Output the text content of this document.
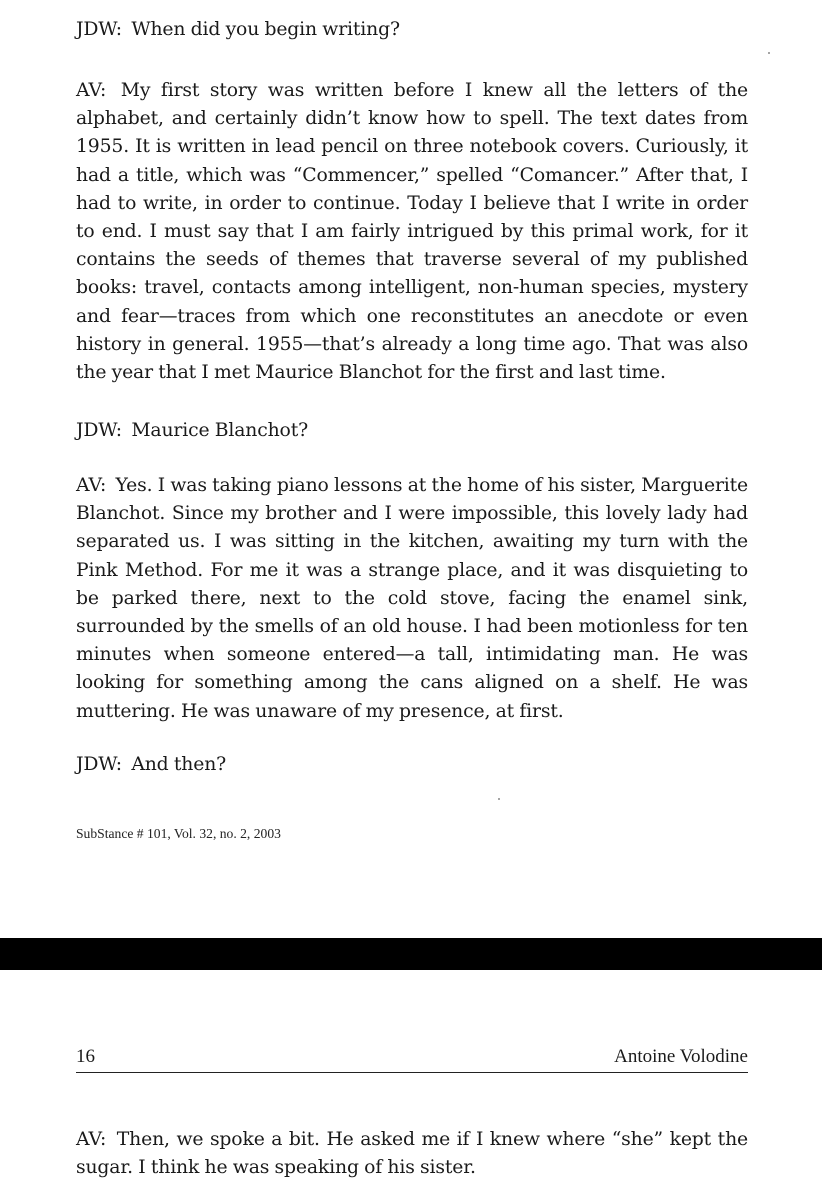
JDW: When did you begin writing?

AV: My first story was written before I knew all the letters of the alphabet, and certainly didn’t know how to spell. The text dates from 1955. It is written in lead pencil on three notebook covers. Curiously, it had a title, which was “Commencer,” spelled “Comancer.” After that, I had to write, in order to continue. Today I believe that I write in order to end. I must say that I am fairly intrigued by this primal work, for it contains the seeds of themes that traverse several of my published books: travel, contacts among intelligent, non-human species, mystery and fear—traces from which one reconstitutes an anecdote or even history in general. 1955—that’s already a long time ago. That was also the year that I met Maurice Blanchot for the first and last time.

JDW: Maurice Blanchot?

AV: Yes. I was taking piano lessons at the home of his sister, Marguerite Blanchot. Since my brother and I were impossible, this lovely lady had separated us. I was sitting in the kitchen, awaiting my turn with the Pink Method. For me it was a strange place, and it was disquieting to be parked there, next to the cold stove, facing the enamel sink, surrounded by the smells of an old house. I had been motionless for ten minutes when someone entered—a tall, intimidating man. He was looking for something among the cans aligned on a shelf. He was muttering. He was unaware of my presence, at first.

JDW: And then?

SubStance # 101, Vol. 32, no. 2, 2003
16	Antoine Volodine

AV: Then, we spoke a bit. He asked me if I knew where “she” kept the sugar. I think he was speaking of his sister.
